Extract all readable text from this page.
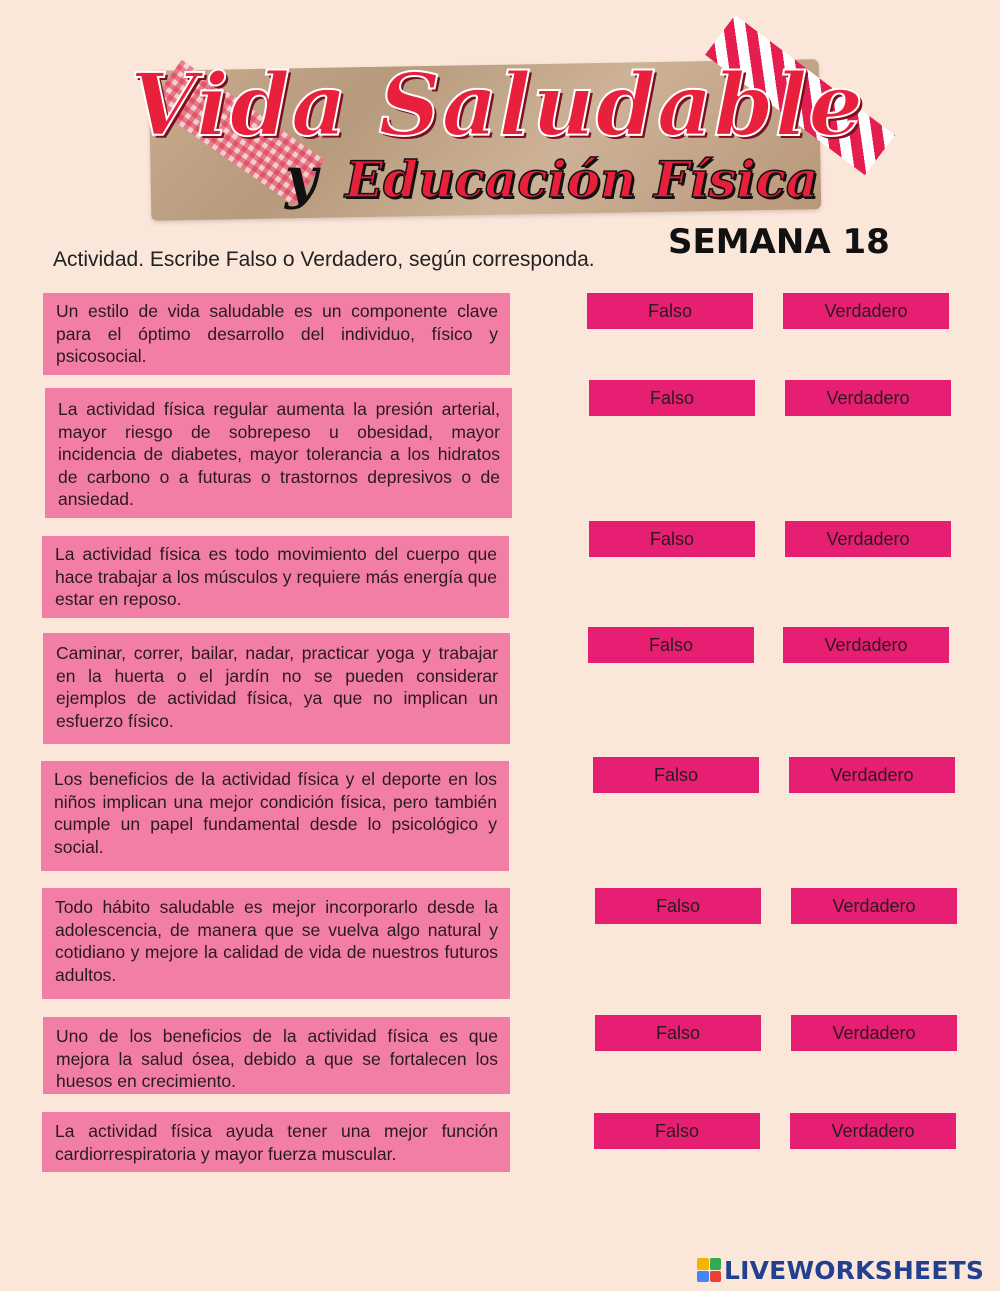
Vida Saludable
y Educación Física
SEMANA 18
Actividad. Escribe Falso o Verdadero, según corresponda.
Un estilo de vida saludable es un componente clave para el óptimo desarrollo del individuo, físico y psicosocial.
Falso	Verdadero
La actividad física regular aumenta la presión arterial, mayor riesgo de sobrepeso u obesidad, mayor incidencia de diabetes, mayor tolerancia a los hidratos de carbono o a futuras o trastornos depresivos o de ansiedad.
Falso	Verdadero
La actividad física es todo movimiento del cuerpo que hace trabajar a los músculos y requiere más energía que estar en reposo.
Falso	Verdadero
Caminar, correr, bailar, nadar, practicar yoga y trabajar en la huerta o el jardín no se pueden considerar ejemplos de actividad física, ya que no implican un esfuerzo físico.
Falso	Verdadero
Los beneficios de la actividad física y el deporte en los niños implican una mejor condición física, pero también cumple un papel fundamental desde lo psicológico y social.
Falso	Verdadero
Todo hábito saludable es mejor incorporarlo desde la adolescencia, de manera que se vuelva algo natural y cotidiano y mejore la calidad de vida de nuestros futuros adultos.
Falso	Verdadero
Uno de los beneficios de la actividad física es que mejora la salud ósea, debido a que se fortalecen los huesos en crecimiento.
Falso	Verdadero
La actividad física ayuda tener una mejor función cardiorrespiratoria y mayor fuerza muscular.
Falso	Verdadero
LIVEWORKSHEETS
